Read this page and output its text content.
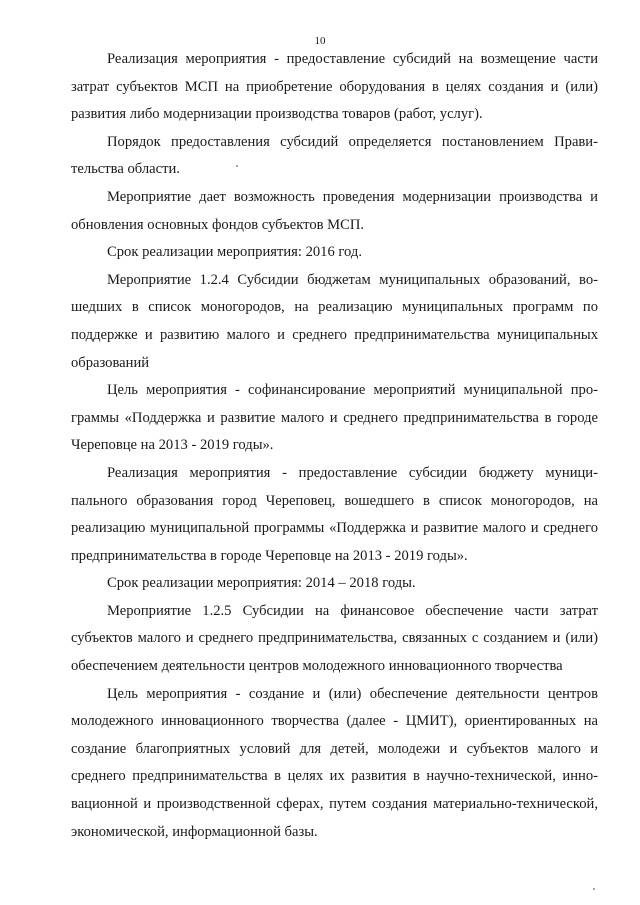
10

Реализация мероприятия - предоставление субсидий на возмещение части затрат субъектов МСП на приобретение оборудования в целях создания и (или) развития либо модернизации производства товаров (работ, услуг).

Порядок предоставления субсидий определяется постановлением Правительства области.

Мероприятие дает возможность проведения модернизации производства и обновления основных фондов субъектов МСП.

Срок реализации мероприятия: 2016 год.

Мероприятие 1.2.4 Субсидии бюджетам муниципальных образований, вошедших в список моногородов, на реализацию муниципальных программ по поддержке и развитию малого и среднего предпринимательства муниципальных образований

Цель мероприятия - софинансирование мероприятий муниципальной программы «Поддержка и развитие малого и среднего предпринимательства в городе Череповце на 2013 - 2019 годы».

Реализация мероприятия - предоставление субсидии бюджету муниципального образования город Череповец, вошедшего в список моногородов, на реализацию муниципальной программы «Поддержка и развитие малого и среднего предпринимательства в городе Череповце на 2013 - 2019 годы».

Срок реализации мероприятия: 2014 – 2018 годы.

Мероприятие 1.2.5 Субсидии на финансовое обеспечение части затрат субъектов малого и среднего предпринимательства, связанных с созданием и (или) обеспечением деятельности центров молодежного инновационного творчества

Цель мероприятия - создание и (или) обеспечение деятельности центров молодежного инновационного творчества (далее - ЦМИТ), ориентированных на создание благоприятных условий для детей, молодежи и субъектов малого и среднего предпринимательства в целях их развития в научно-технической, инновационной и производственной сферах, путем создания материально-технической, экономической, информационной базы.
